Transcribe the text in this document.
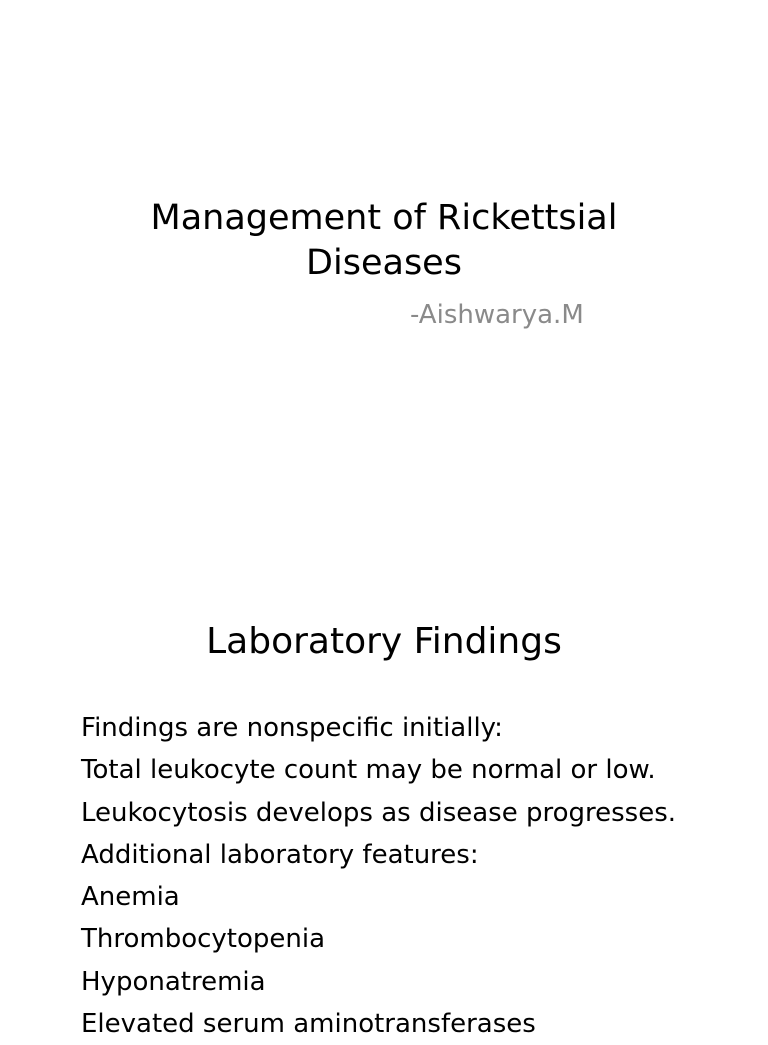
Management of Rickettsial Diseases
-Aishwarya.M
Laboratory Findings
Findings are nonspecific initially:
Total leukocyte count may be normal or low.
Leukocytosis develops as disease progresses.
Additional laboratory features:
Anemia
Thrombocytopenia
Hyponatremia
Elevated serum aminotransferases
